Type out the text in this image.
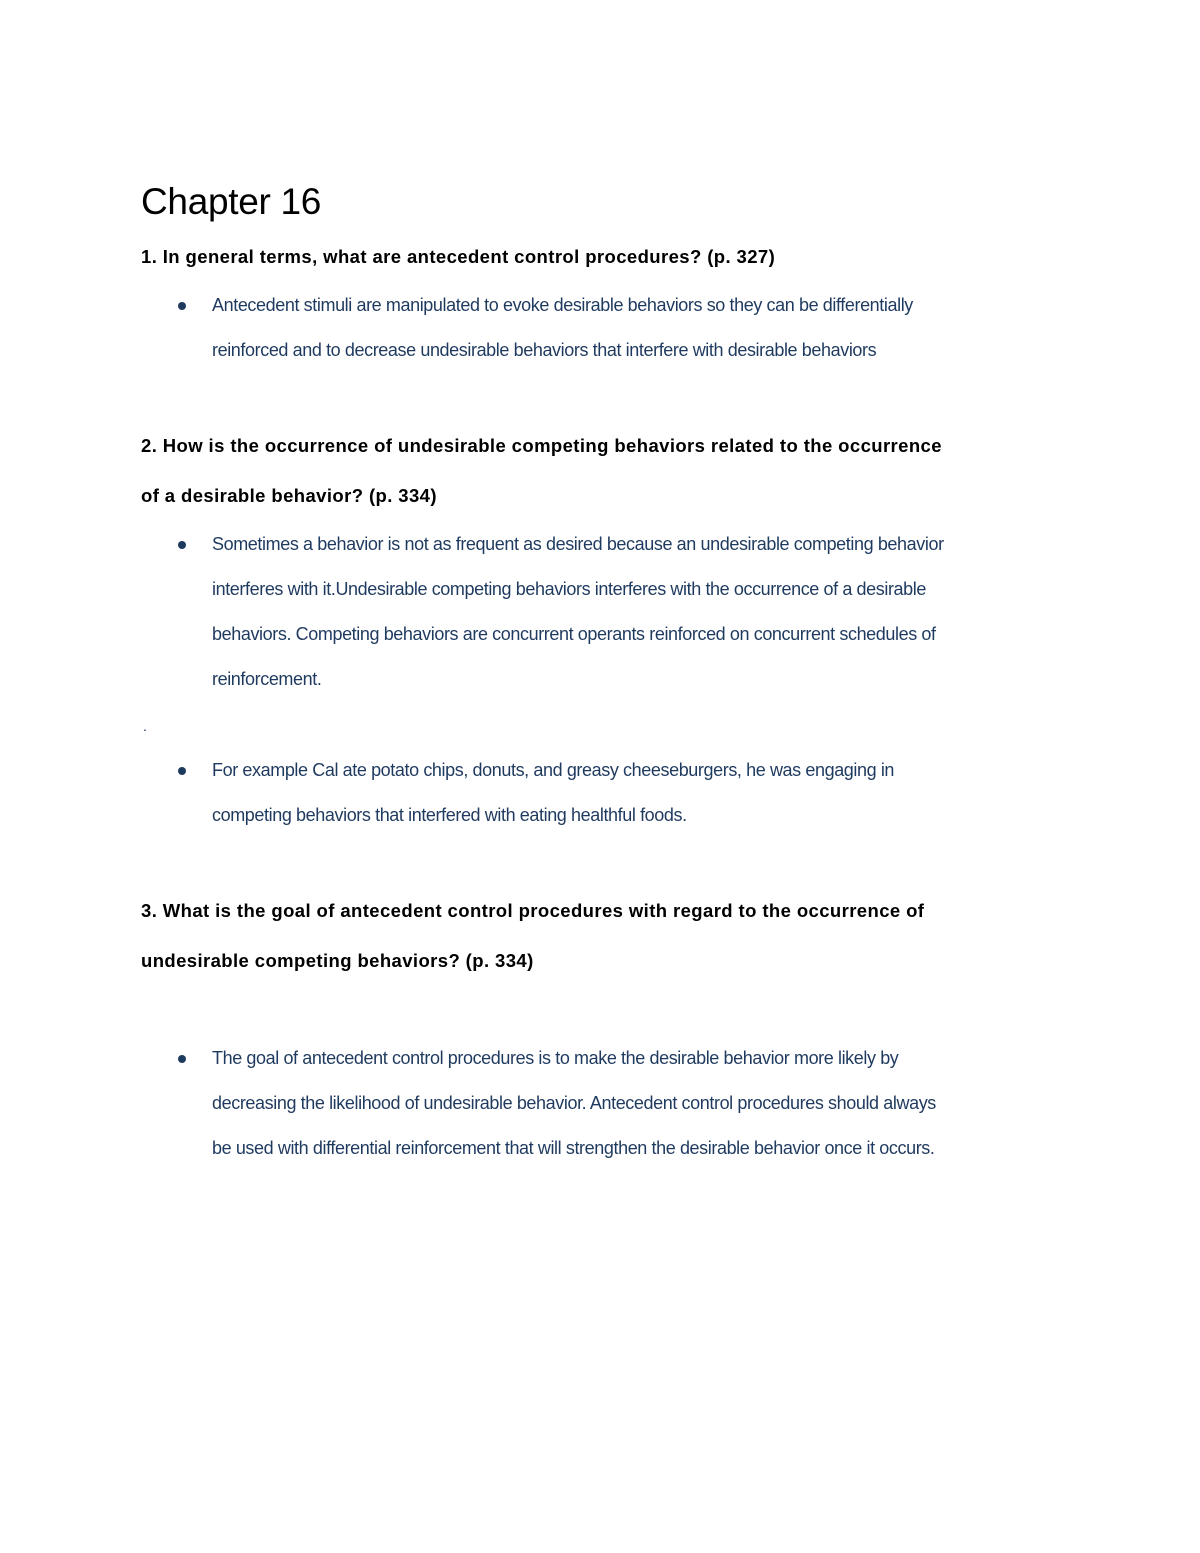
Chapter 16

1. In general terms, what are antecedent control procedures? (p. 327)

Antecedent stimuli are manipulated to evoke desirable behaviors so they can be differentially

reinforced and to decrease undesirable behaviors that interfere with desirable behaviors

2. How is the occurrence of undesirable competing behaviors related to the occurrence

of a desirable behavior? (p. 334)

Sometimes a behavior is not as frequent as desired because an undesirable competing behavior

interferes with it.Undesirable competing behaviors interferes with the occurrence of a desirable

behaviors. Competing behaviors are concurrent operants reinforced on concurrent schedules of

reinforcement.

.

For example Cal ate potato chips, donuts, and greasy cheeseburgers, he was engaging in

competing behaviors that interfered with eating healthful foods.

3. What is the goal of antecedent control procedures with regard to the occurrence of

undesirable competing behaviors? (p. 334)

The goal of antecedent control procedures is to make the desirable behavior more likely by

decreasing the likelihood of undesirable behavior. Antecedent control procedures should always

be used with differential reinforcement that will strengthen the desirable behavior once it occurs.
